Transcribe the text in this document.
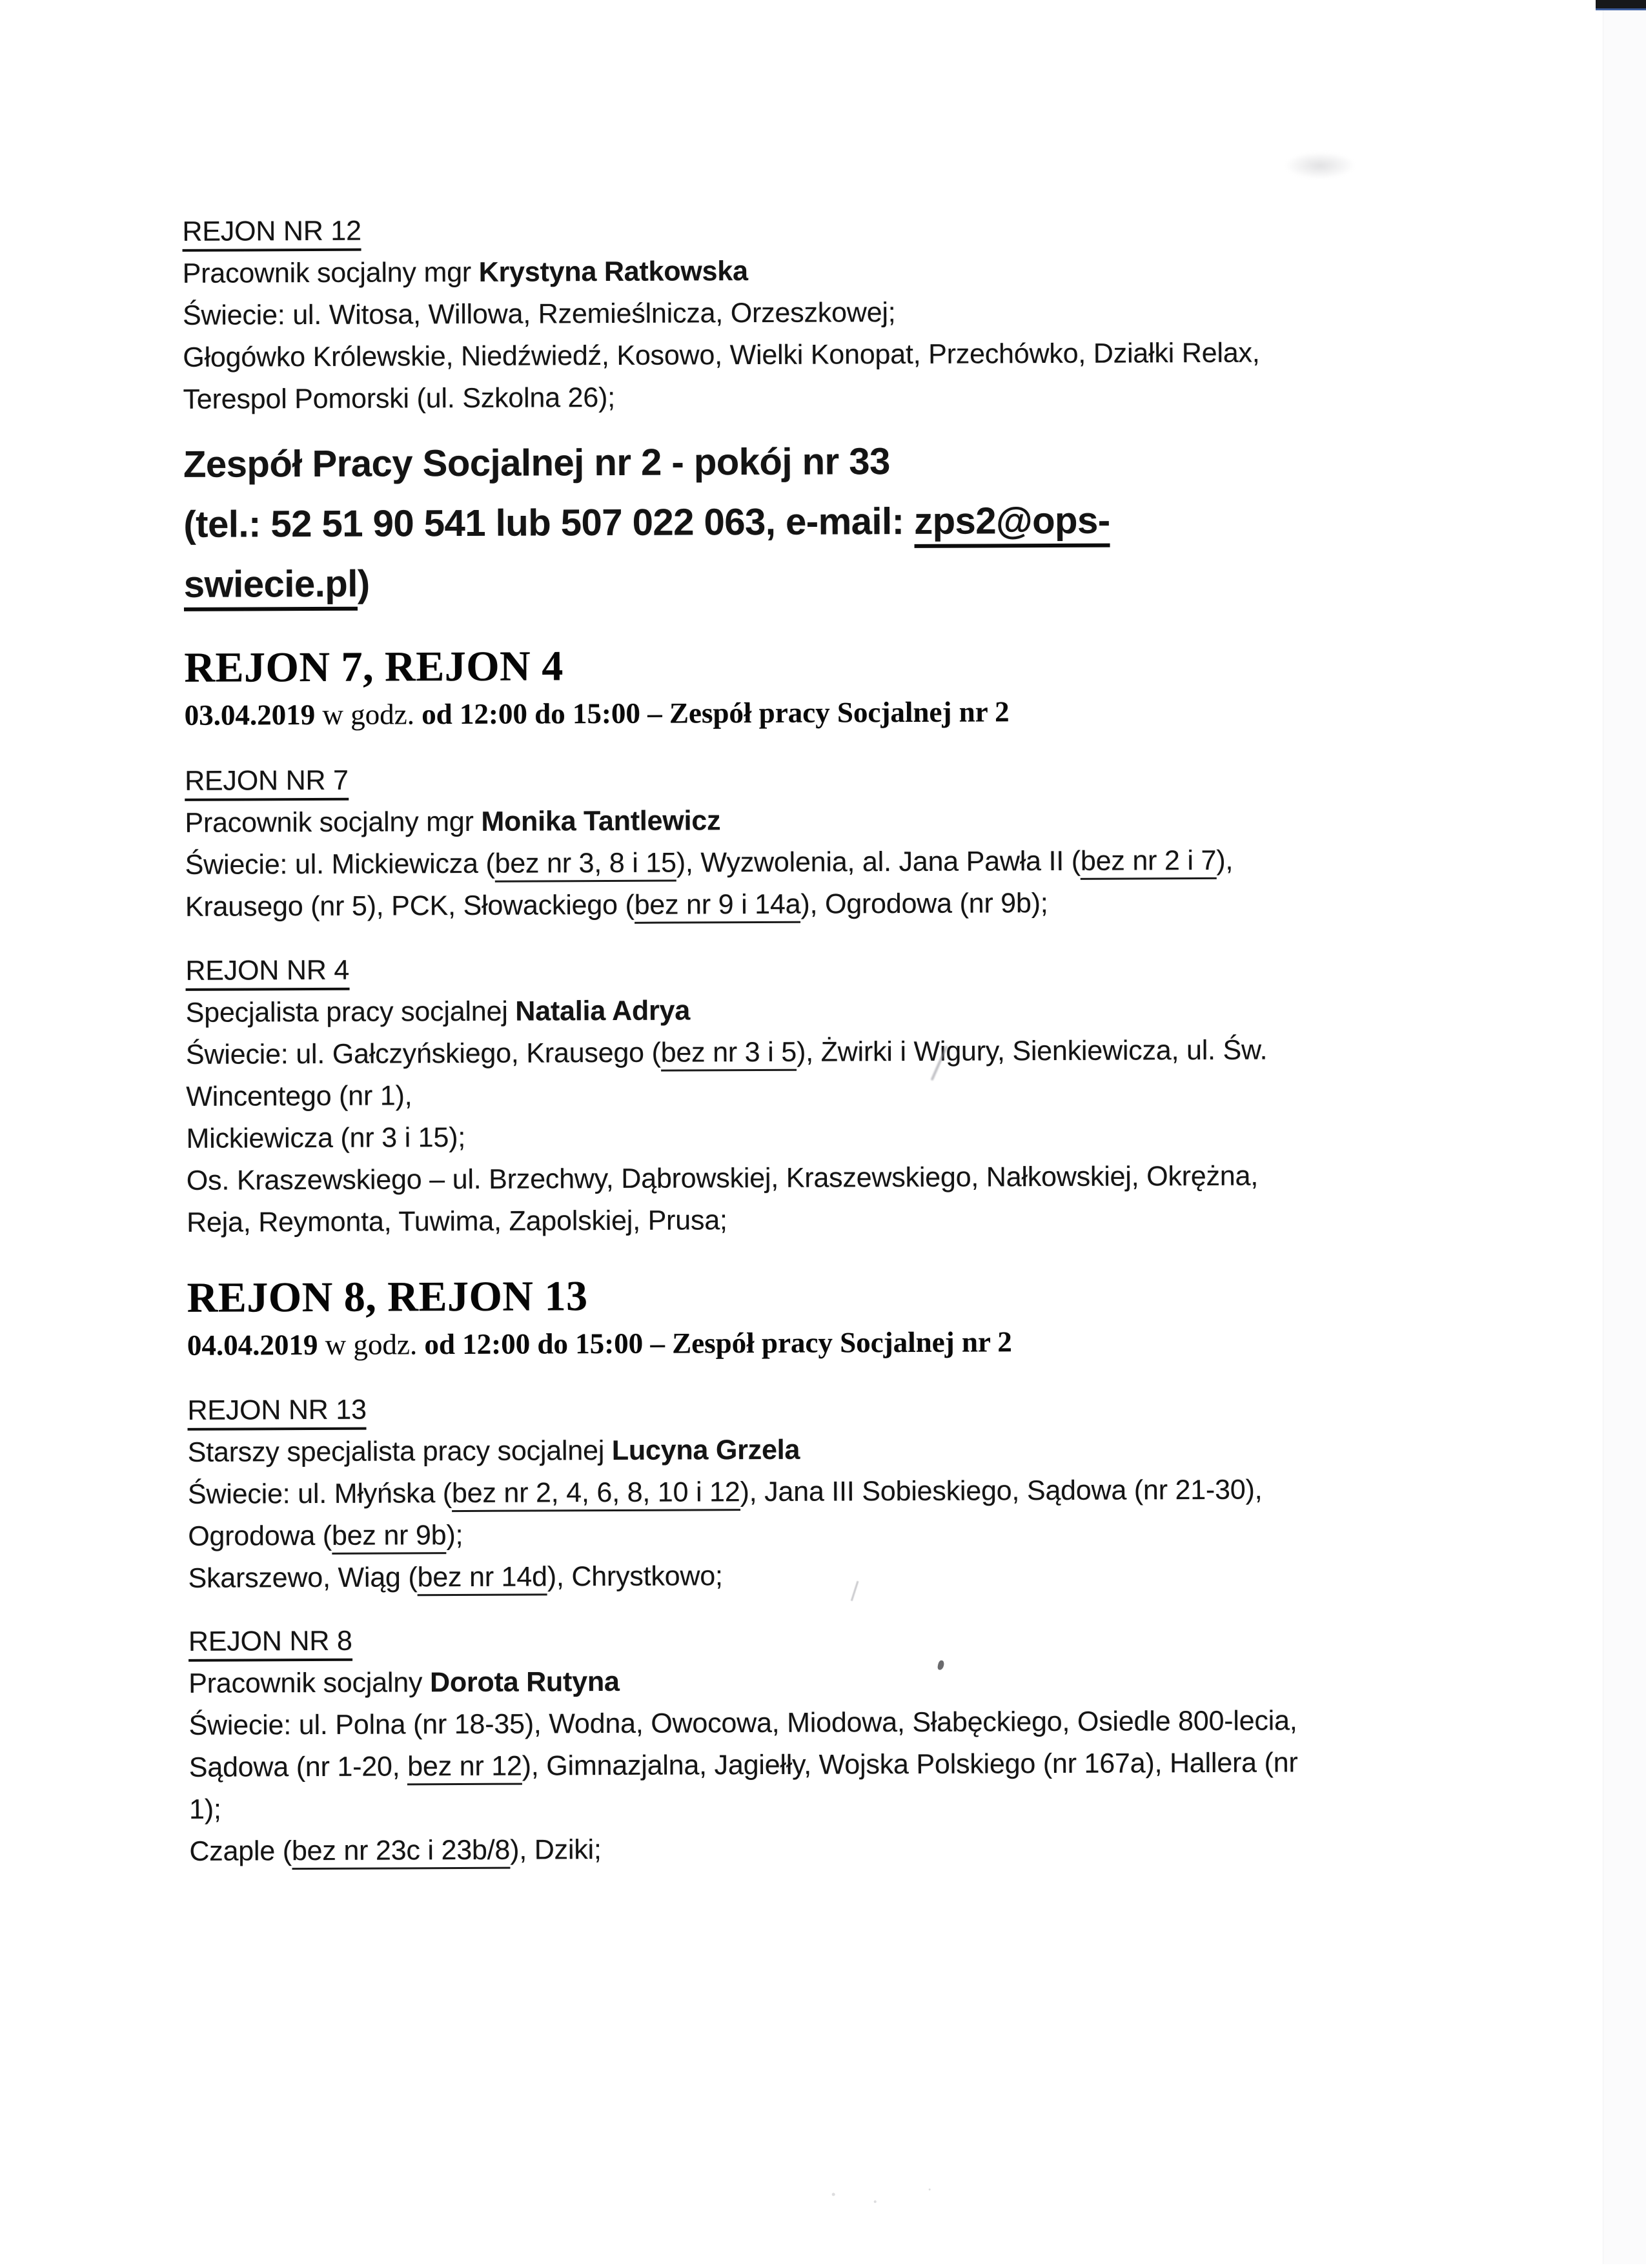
REJON NR 12

Pracownik socjalny mgr Krystyna Ratkowska

Świecie: ul. Witosa, Willowa, Rzemieślnicza, Orzeszkowej;

Głogówko Królewskie, Niedźwiedź, Kosowo, Wielki Konopat, Przechówko, Działki Relax,

Terespol Pomorski (ul. Szkolna 26);

Zespół Pracy Socjalnej nr 2 - pokój nr 33

(tel.: 52 51 90 541 lub 507 022 063, e-mail: zps2@ops-

swiecie.pl)

REJON 7, REJON 4

03.04.2019 w godz. od 12:00 do 15:00 – Zespół pracy Socjalnej nr 2

REJON NR 7

Pracownik socjalny mgr Monika Tantlewicz

Świecie: ul. Mickiewicza (bez nr 3, 8 i 15), Wyzwolenia, al. Jana Pawła II (bez nr 2 i 7),

Krausego (nr 5), PCK, Słowackiego (bez nr 9 i 14a), Ogrodowa (nr 9b);

REJON NR 4

Specjalista pracy socjalnej Natalia Adrya

Świecie: ul. Gałczyńskiego, Krausego (bez nr 3 i 5), Żwirki i Wigury, Sienkiewicza, ul. Św.

Wincentego (nr 1),

Mickiewicza (nr 3 i 15);

Os. Kraszewskiego – ul. Brzechwy, Dąbrowskiej, Kraszewskiego, Nałkowskiej, Okrężna,

Reja, Reymonta, Tuwima, Zapolskiej, Prusa;

REJON 8, REJON 13

04.04.2019 w godz. od 12:00 do 15:00 – Zespół pracy Socjalnej nr 2

REJON NR 13

Starszy specjalista pracy socjalnej Lucyna Grzela

Świecie: ul. Młyńska (bez nr 2, 4, 6, 8, 10 i 12), Jana III Sobieskiego, Sądowa (nr 21-30),

Ogrodowa (bez nr 9b);

Skarszewo, Wiąg (bez nr 14d), Chrystkowo;

REJON NR 8

Pracownik socjalny Dorota Rutyna

Świecie: ul. Polna (nr 18-35), Wodna, Owocowa, Miodowa, Słabęckiego, Osiedle 800-lecia,

Sądowa (nr 1-20, bez nr 12), Gimnazjalna, Jagiełły, Wojska Polskiego (nr 167a), Hallera (nr

1);

Czaple (bez nr 23c i 23b/8), Dziki;
